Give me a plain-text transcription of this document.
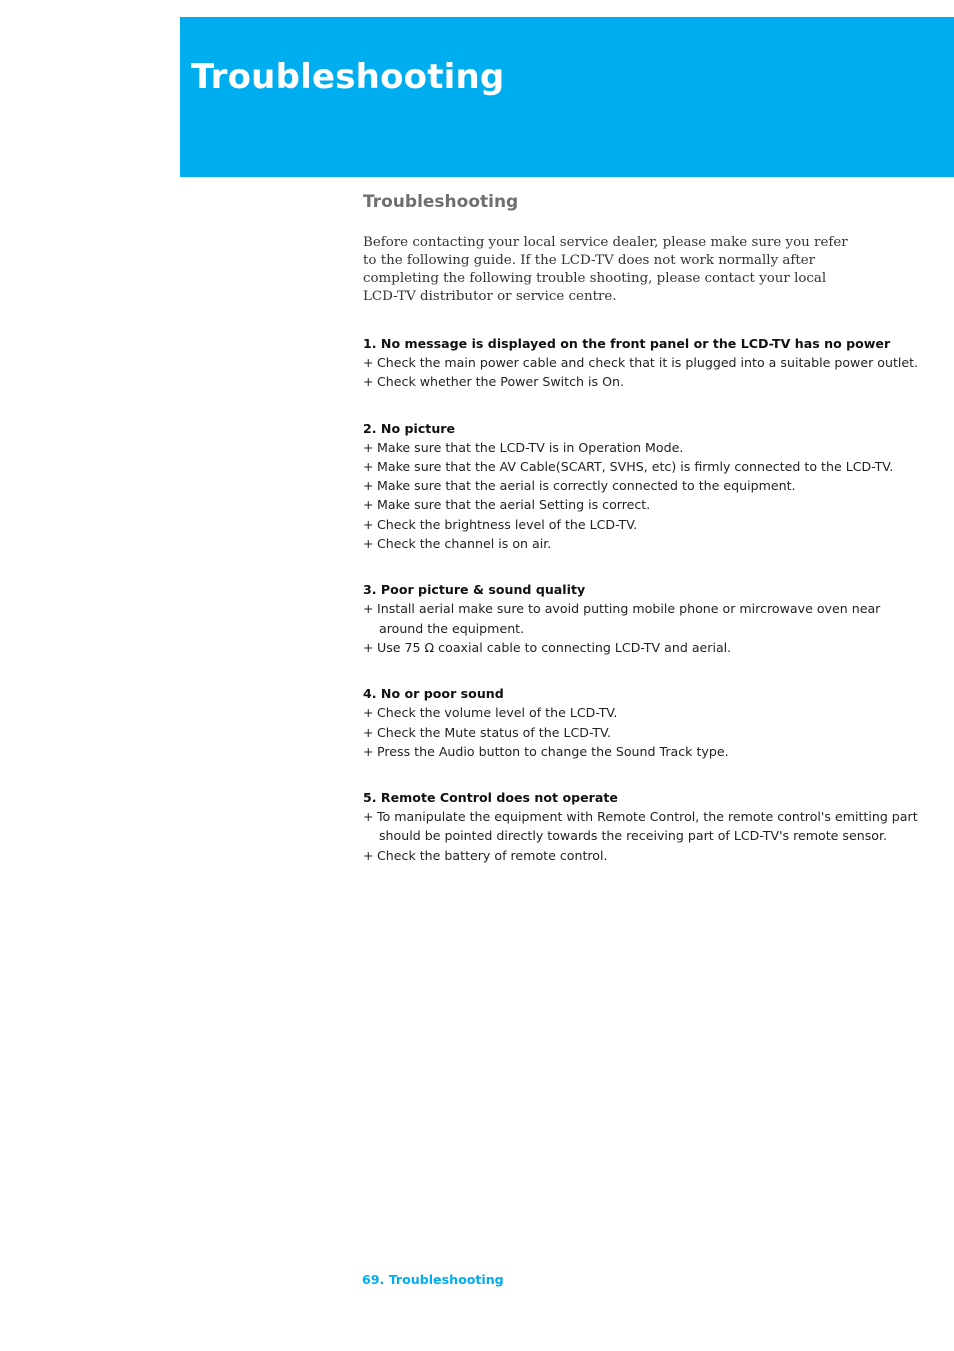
Troubleshooting
Troubleshooting

Before contacting your local service dealer, please make sure you refer to the following guide. If the LCD-TV does not work normally after completing the following trouble shooting, please contact your local LCD-TV distributor or service centre.

1. No message is displayed on the front panel or the LCD-TV has no power

+ Check the main power cable and check that it is plugged into a suitable power outlet.

+ Check whether the Power Switch is On.

2. No picture

+ Make sure that the LCD-TV is in Operation Mode.

+ Make sure that the AV Cable(SCART, SVHS, etc) is firmly connected to the LCD-TV.

+ Make sure that the aerial is correctly connected to the equipment.

+ Make sure that the aerial Setting is correct.

+ Check the brightness level of the LCD-TV.

+ Check the channel is on air.

3. Poor picture & sound quality

+ Install aerial make sure to avoid putting mobile phone or mircrowave oven near around the equipment.

+ Use 75 Ω coaxial cable to connecting LCD-TV and aerial.

4. No or poor sound

+ Check the volume level of the LCD-TV.

+ Check the Mute status of the LCD-TV.

+ Press the Audio button to change the Sound Track type.

5. Remote Control does not operate

+ To manipulate the equipment with Remote Control, the remote control's emitting part should be pointed directly towards the receiving part of LCD-TV's remote sensor.

+ Check the battery of remote control.

69. Troubleshooting
